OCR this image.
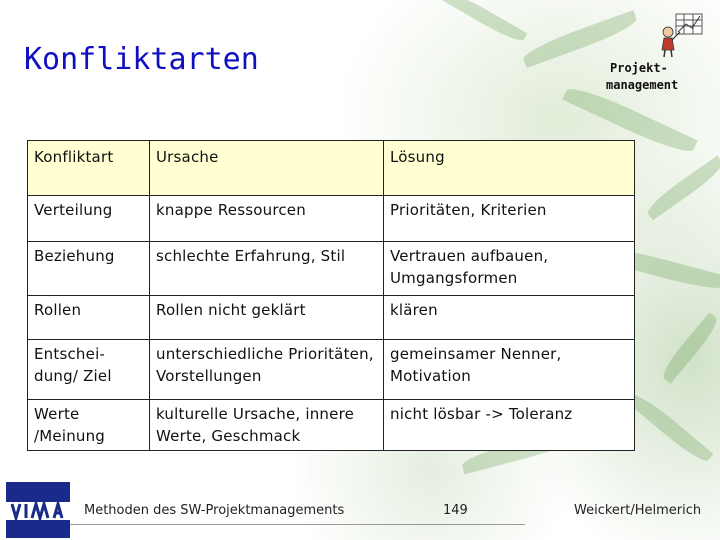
Konfliktarten	Projekt-
management
Konfliktart	Ursache	Lösung
Verteilung	knappe Ressourcen	Prioritäten, Kriterien
Beziehung	schlechte Erfahrung, Stil	Vertrauen aufbauen, Umgangsformen
Rollen	Rollen nicht geklärt	klären
Entschei-dung/ Ziel	unterschiedliche Prioritäten, Vorstellungen	gemeinsamer Nenner, Motivation
Werte /Meinung	kulturelle Ursache, innere Werte, Geschmack	nicht lösbar -> Toleranz
Methoden des SW-Projektmanagements	149	Weickert/Helmerich
